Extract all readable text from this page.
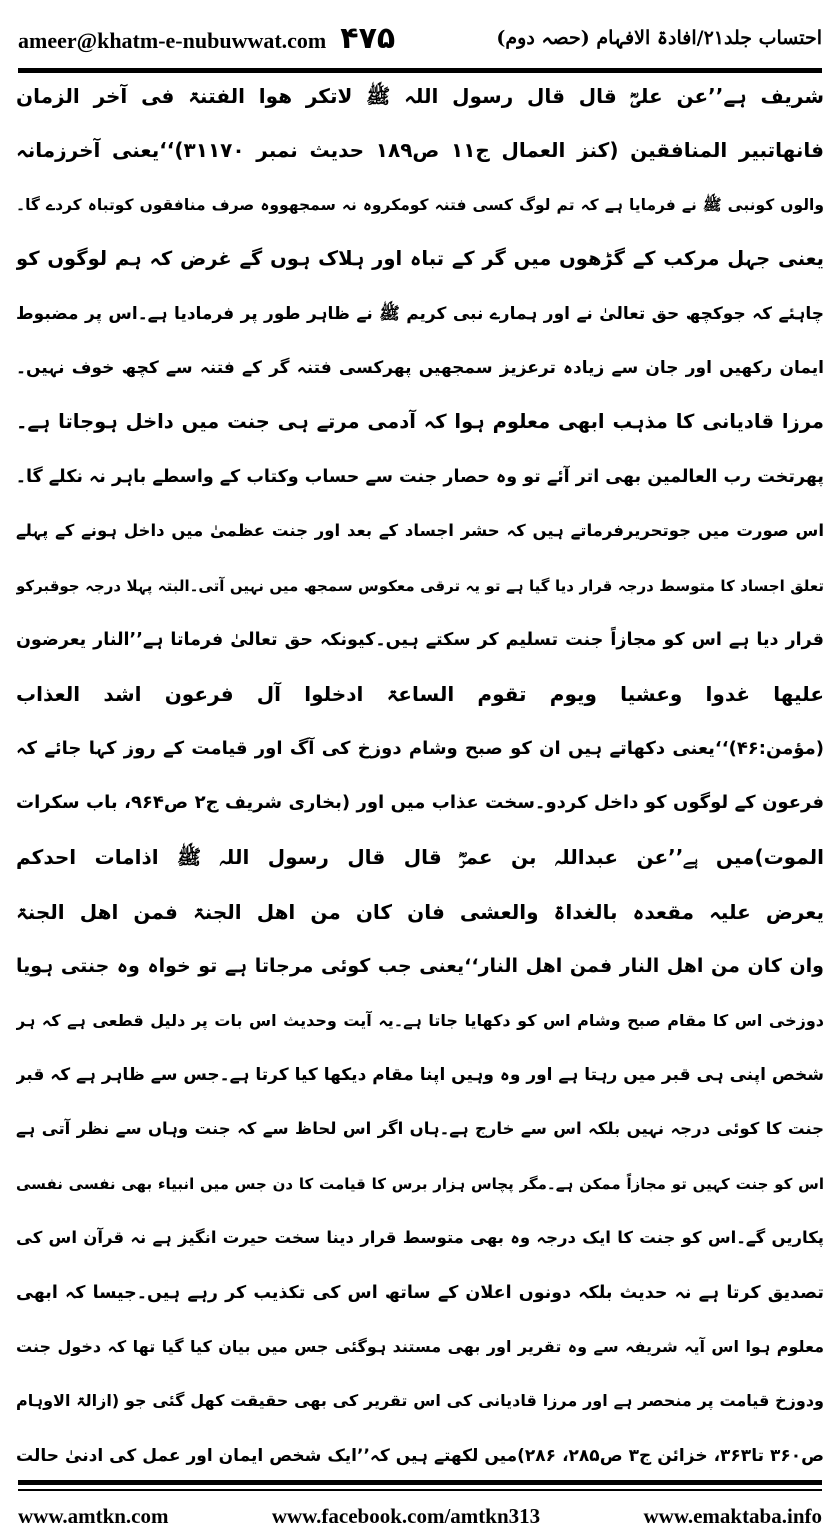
ameer@khatm-e-nubuwwat.com ۴۷۵	احتساب جلد۲۱/افادۃ الافہام (حصہ دوم)
شریف ہے’’عن علیؓ قال قال رسول اللہ ﷺ لاتکر ھوا الفتنۃ فی آخر الزمان
فانھاتبیر المنافقین (کنز العمال ج۱۱ ص۱۸۹ حدیث نمبر ۳۱۱۷۰)‘‘یعنی آخرزمانہ
والوں کونبی ﷺ نے فرمایا ہے کہ تم لوگ کسی فتنہ کومکروہ نہ سمجھووہ صرف منافقوں کوتباہ کردے گا۔
یعنی جہل مرکب کے گڑھوں میں گر کے تباہ اور ہلاک ہوں گے غرض کہ ہم لوگوں کو
چاہئے کہ جوکچھ حق تعالیٰ نے اور ہمارے نبی کریم ﷺ نے ظاہر طور پر فرمادیا ہے۔اس پر مضبوط
ایمان رکھیں اور جان سے زیادہ ترعزیز سمجھیں پھرکسی فتنہ گر کے فتنہ سے کچھ خوف نہیں۔
مرزا قادیانی کا مذہب ابھی معلوم ہوا کہ آدمی مرتے ہی جنت میں داخل ہوجاتا ہے۔
پھرتخت رب العالمین بھی اتر آئے تو وہ حصار جنت سے حساب وکتاب کے واسطے باہر نہ نکلے گا۔
اس صورت میں جوتحریرفرماتے ہیں کہ حشر اجساد کے بعد اور جنت عظمیٰ میں داخل ہونے کے پہلے
تعلق اجساد کا متوسط درجہ قرار دیا گیا ہے تو یہ ترقی معکوس سمجھ میں نہیں آتی۔البتہ پہلا درجہ جوقبرکو
قرار دیا ہے اس کو مجازاً جنت تسلیم کر سکتے ہیں۔کیونکہ حق تعالیٰ فرماتا ہے’’النار یعرضون
علیھا غدوا وعشیا ویوم تقوم الساعۃ ادخلوا آل فرعون اشد العذاب
(مؤمن:۴۶)‘‘یعنی دکھاتے ہیں ان کو صبح وشام دوزخ کی آگ اور قیامت کے روز کہا جائے کہ
فرعون کے لوگوں کو داخل کردو۔سخت عذاب میں اور (بخاری شریف ج۲ ص۹۶۴، باب سکرات
الموت)میں ہے’’عن عبداللہ بن عمرؓ قال قال رسول اللہ ﷺ اذامات احدکم
یعرض علیہ مقعدہ بالغداۃ والعشی فان کان من اھل الجنۃ فمن اھل الجنۃ
وان کان من اھل النار فمن اھل النار‘‘یعنی جب کوئی مرجاتا ہے تو خواہ وہ جنتی ہویا
دوزخی اس کا مقام صبح وشام اس کو دکھایا جاتا ہے۔یہ آیت وحدیث اس بات پر دلیل قطعی ہے کہ ہر
شخص اپنی ہی قبر میں رہتا ہے اور وہ وہیں اپنا مقام دیکھا کیا کرتا ہے۔جس سے ظاہر ہے کہ قبر
جنت کا کوئی درجہ نہیں بلکہ اس سے خارج ہے۔ہاں اگر اس لحاظ سے کہ جنت وہاں سے نظر آتی ہے
اس کو جنت کہیں تو مجازاً ممکن ہے۔مگر پچاس ہزار برس کا قیامت کا دن جس میں انبیاء بھی نفسی نفسی
پکاریں گے۔اس کو جنت کا ایک درجہ وہ بھی متوسط قرار دینا سخت حیرت انگیز ہے نہ قرآن اس کی
تصدیق کرتا ہے نہ حدیث بلکہ دونوں اعلان کے ساتھ اس کی تکذیب کر رہے ہیں۔جیسا کہ ابھی
معلوم ہوا اس آیہ شریفہ سے وہ تقریر اور بھی مستند ہوگئی جس میں بیان کیا گیا تھا کہ دخول جنت
ودوزخ قیامت پر منحصر ہے اور مرزا قادیانی کی اس تقریر کی بھی حقیقت کھل گئی جو (ازالۃ الاوہام
ص۳۶۰ تا۳۶۳، خزائن ج۳ ص۲۸۵، ۲۸۶)میں لکھتے ہیں کہ’’ایک شخص ایمان اور عمل کی ادنیٰ حالت
www.amtkn.com	www.facebook.com/amtkn313	www.emaktaba.info
